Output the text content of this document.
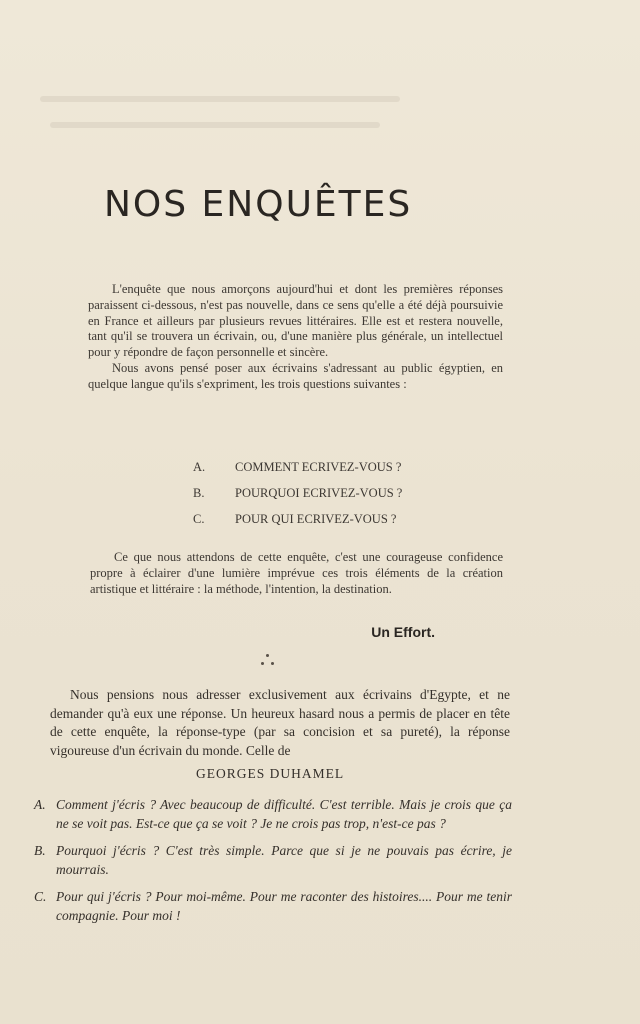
NOS ENQUÊTES

L'enquête que nous amorçons aujourd'hui et dont les premières réponses paraissent ci-dessous, n'est pas nouvelle, dans ce sens qu'elle a été déjà poursuivie en France et ailleurs par plusieurs revues littéraires. Elle est et restera nouvelle, tant qu'il se trouvera un écrivain, ou, d'une manière plus générale, un intellectuel pour y répondre de façon personnelle et sincère.

Nous avons pensé poser aux écrivains s'adressant au public égyptien, en quelque langue qu'ils s'expriment, les trois questions suivantes :

A. COMMENT ECRIVEZ-VOUS ?
B. POURQUOI ECRIVEZ-VOUS ?
C. POUR QUI ECRIVEZ-VOUS ?

Ce que nous attendons de cette enquête, c'est une courageuse confidence propre à éclairer d'une lumière imprévue ces trois éléments de la création artistique et littéraire : la méthode, l'intention, la destination.

Un Effort.

Nous pensions nous adresser exclusivement aux écrivains d'Egypte, et ne demander qu'à eux une réponse. Un heureux hasard nous a permis de placer en tête de cette enquête, la réponse-type (par sa concision et sa pureté), la réponse vigoureuse d'un écrivain du monde. Celle de

GEORGES DUHAMEL
A. Comment j'écris ? Avec beaucoup de difficulté. C'est terrible. Mais je crois que ça ne se voit pas. Est-ce que ça se voit ? Je ne crois pas trop, n'est-ce pas ?
B. Pourquoi j'écris ? C'est très simple. Parce que si je ne pouvais pas écrire, je mourrais.
C. Pour qui j'écris ? Pour moi-même. Pour me raconter des histoires.... Pour me tenir compagnie. Pour moi !
